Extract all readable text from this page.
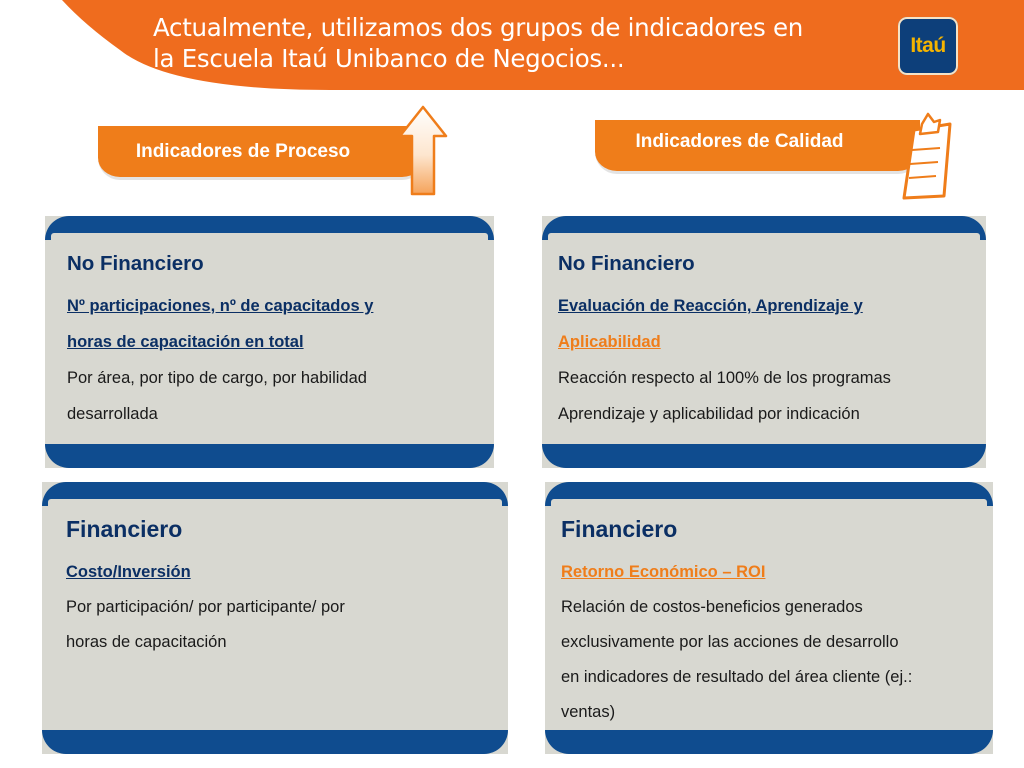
Actualmente, utilizamos dos grupos de indicadores en
la Escuela Itaú Unibanco de Negocios...	Itaú
Indicadores de Proceso	Indicadores de Calidad
No Financiero
Nº participaciones, nº de capacitados y
horas de capacitación en total
Por área, por tipo de cargo, por habilidad
desarrollada
No Financiero
Evaluación de Reacción, Aprendizaje y
Aplicabilidad
Reacción respecto al 100% de los programas
Aprendizaje y aplicabilidad por indicación
Financiero
Costo/Inversión
Por participación/ por participante/ por
horas de capacitación
Financiero
Retorno Económico – ROI
Relación de costos-beneficios generados
exclusivamente por las acciones de desarrollo
en indicadores de resultado del área cliente (ej.:
ventas)
